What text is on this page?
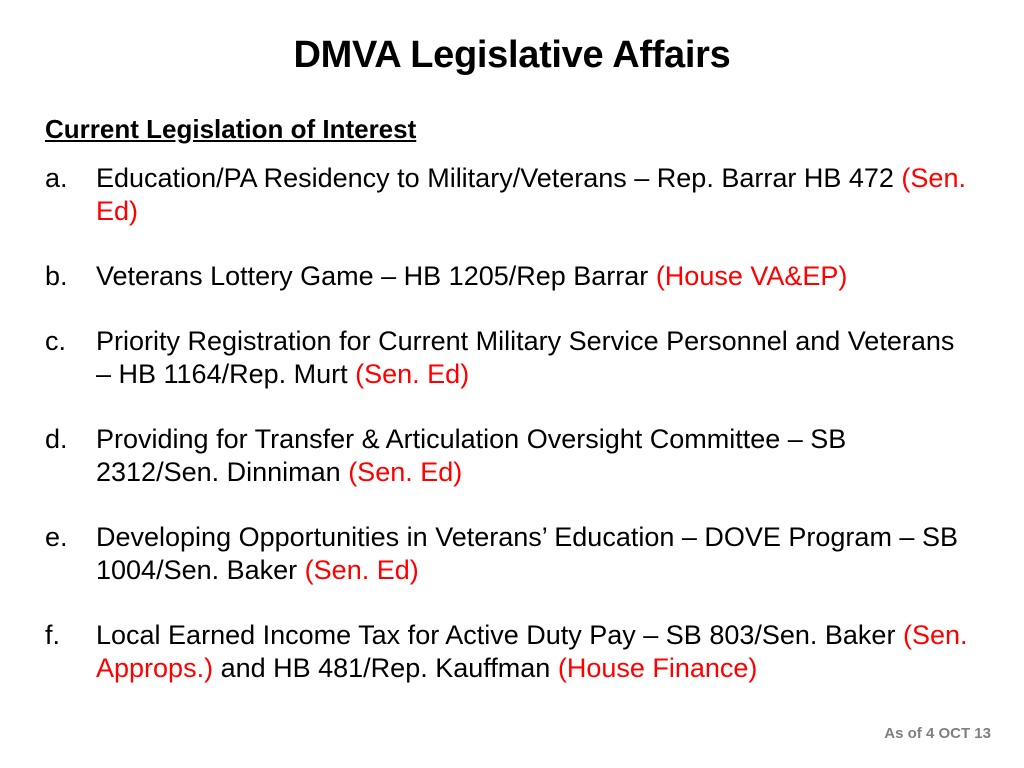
DMVA Legislative Affairs
Current Legislation of Interest
a. Education/PA Residency to Military/Veterans – Rep. Barrar HB 472 (Sen. Ed)
b. Veterans Lottery Game – HB 1205/Rep Barrar (House VA&EP)
c. Priority Registration for Current Military Service Personnel and Veterans – HB 1164/Rep. Murt (Sen. Ed)
d. Providing for Transfer & Articulation Oversight Committee – SB 2312/Sen. Dinniman (Sen. Ed)
e. Developing Opportunities in Veterans’ Education – DOVE Program – SB 1004/Sen. Baker (Sen. Ed)
f. Local Earned Income Tax for Active Duty Pay – SB 803/Sen. Baker (Sen. Approps.) and HB 481/Rep. Kauffman (House Finance)
As of 4 OCT 13
